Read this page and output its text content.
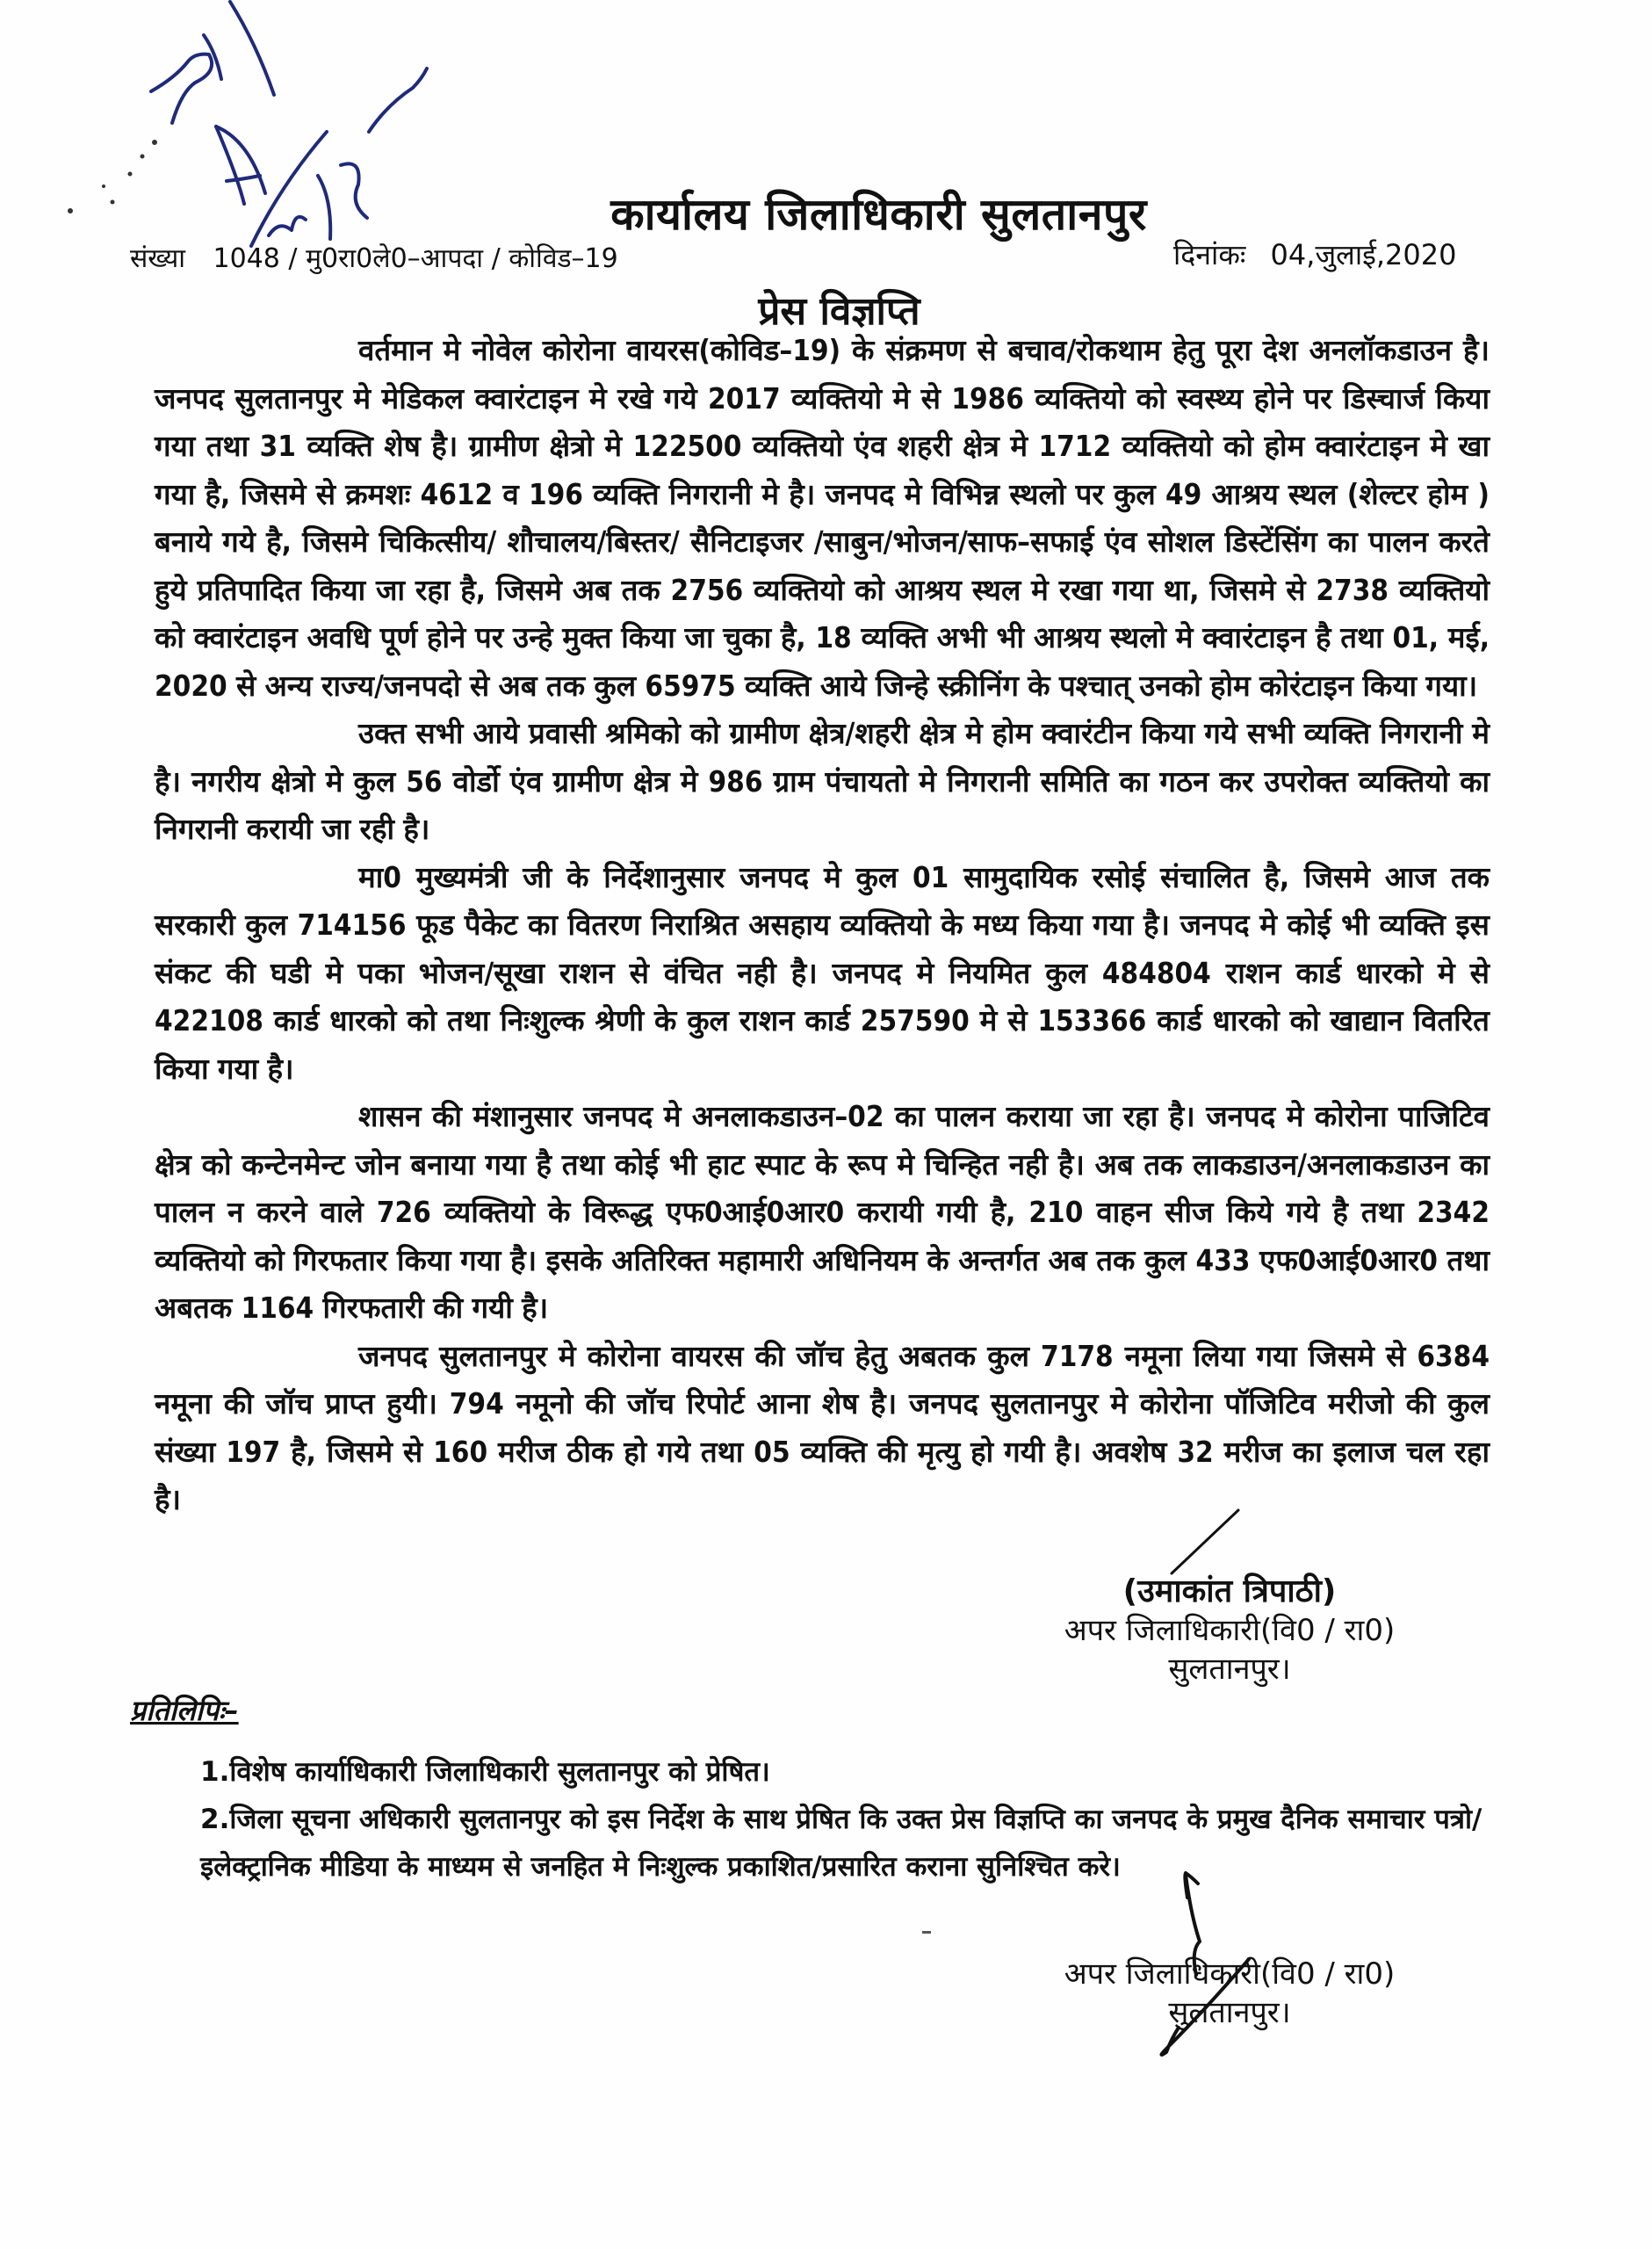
कार्यालय जिलाधिकारी सुलतानपुर
संख्या 1048 / मु0रा0ले0–आपदा / कोविड–19	दिनांकः 04,जुलाई,2020
प्रेस विज्ञप्ति

वर्तमान मे नोवेल कोरोना वायरस(कोविड–19) के संक्रमण से बचाव/रोकथाम हेतु पूरा देश अनलॉकडाउन है। जनपद सुलतानपुर मे मेडिकल क्वारंटाइन मे रखे गये 2017 व्यक्तियो मे से 1986 व्यक्तियो को स्वस्थ्य होने पर डिस्चार्ज किया गया तथा 31 व्यक्ति शेष है। ग्रामीण क्षेत्रो मे 122500 व्यक्तियो एंव शहरी क्षेत्र मे 1712 व्यक्तियो को होम क्वारंटाइन मे खा गया है, जिसमे से क्रमशः 4612 व 196 व्यक्ति निगरानी मे है। जनपद मे विभिन्न स्थलो पर कुल 49 आश्रय स्थल (शेल्टर होम ) बनाये गये है, जिसमे चिकित्सीय/ शौचालय/बिस्तर/ सैनिटाइजर /साबुन/भोजन/साफ–सफाई एंव सोशल डिस्टेंसिंग का पालन करते हुये प्रतिपादित किया जा रहा है, जिसमे अब तक 2756 व्यक्तियो को आश्रय स्थल मे रखा गया था, जिसमे से 2738 व्यक्तियो को क्वारंटाइन अवधि पूर्ण होने पर उन्हे मुक्त किया जा चुका है, 18 व्यक्ति अभी भी आश्रय स्थलो मे क्वारंटाइन है तथा 01, मई, 2020 से अन्य राज्य/जनपदो से अब तक कुल 65975 व्यक्ति आये जिन्हे स्क्रीनिंग के पश्चात् उनको होम कोरंटाइन किया गया।

उक्त सभी आये प्रवासी श्रमिको को ग्रामीण क्षेत्र/शहरी क्षेत्र मे होम क्वारंटीन किया गये सभी व्यक्ति निगरानी मे है। नगरीय क्षेत्रो मे कुल 56 वोर्डो एंव ग्रामीण क्षेत्र मे 986 ग्राम पंचायतो मे निगरानी समिति का गठन कर उपरोक्त व्यक्तियो का निगरानी करायी जा रही है।

मा0 मुख्यमंत्री जी के निर्देशानुसार जनपद मे कुल 01 सामुदायिक रसोई संचालित है, जिसमे आज तक सरकारी कुल 714156 फूड पैकेट का वितरण निराश्रित असहाय व्यक्तियो के मध्य किया गया है। जनपद मे कोई भी व्यक्ति इस संकट की घडी मे पका भोजन/सूखा राशन से वंचित नही है। जनपद मे नियमित कुल 484804 राशन कार्ड धारको मे से 422108 कार्ड धारको को तथा निःशुल्क श्रेणी के कुल राशन कार्ड 257590 मे से 153366 कार्ड धारको को खाद्यान वितरित किया गया है।

शासन की मंशानुसार जनपद मे अनलाकडाउन–02 का पालन कराया जा रहा है। जनपद मे कोरोना पाजिटिव क्षेत्र को कन्टेनमेन्ट जोन बनाया गया है तथा कोई भी हाट स्पाट के रूप मे चिन्हित नही है। अब तक लाकडाउन/अनलाकडाउन का पालन न करने वाले 726 व्यक्तियो के विरूद्ध एफ0आई0आर0 करायी गयी है, 210 वाहन सीज किये गये है तथा 2342 व्यक्तियो को गिरफतार किया गया है। इसके अतिरिक्त महामारी अधिनियम के अन्तर्गत अब तक कुल 433 एफ0आई0आर0 तथा अबतक 1164 गिरफतारी की गयी है।

जनपद सुलतानपुर मे कोरोना वायरस की जॉच हेतु अबतक कुल 7178 नमूना लिया गया जिसमे से 6384 नमूना की जॉच प्राप्त हुयी। 794 नमूनो की जॉच रिपोर्ट आना शेष है। जनपद सुलतानपुर मे कोरोना पॉजिटिव मरीजो की कुल संख्या 197 है, जिसमे से 160 मरीज ठीक हो गये तथा 05 व्यक्ति की मृत्यु हो गयी है। अवशेष 32 मरीज का इलाज चल रहा है।

(उमाकांत त्रिपाठी)
अपर जिलाधिकारी(वि0 / रा0)
सुलतानपुर।
प्रतिलिपिः–
1.विशेष कार्याधिकारी जिलाधिकारी सुलतानपुर को प्रेषित।
2.जिला सूचना अधिकारी सुलतानपुर को इस निर्देश के साथ प्रेषित कि उक्त प्रेस विज्ञप्ति का जनपद के प्रमुख दैनिक समाचार पत्रो/इलेक्ट्रानिक मीडिया के माध्यम से जनहित मे निःशुल्क प्रकाशित/प्रसारित कराना सुनिश्चित करे।
अपर जिलाधिकारी(वि0 / रा0)
सुलतानपुर।
